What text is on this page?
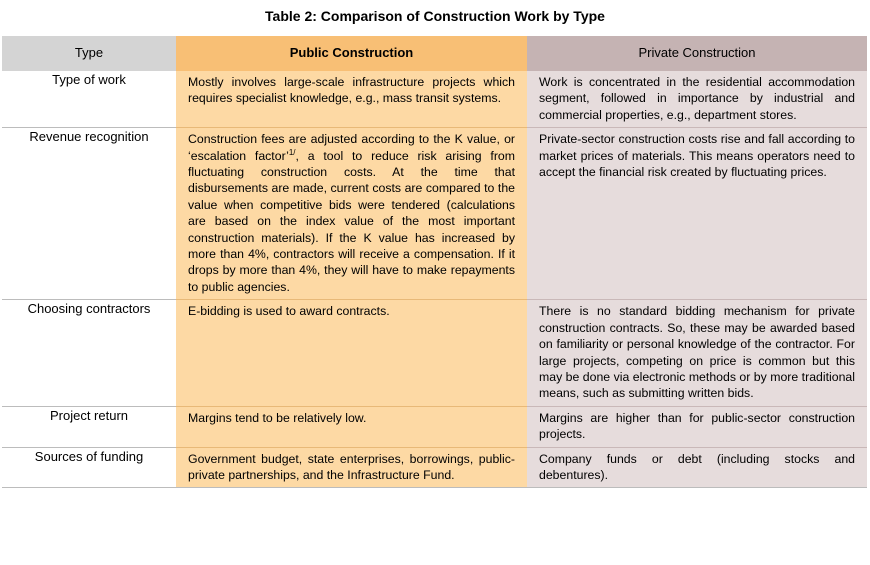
Table 2: Comparison of Construction Work by Type
Type	Public Construction	Private Construction
Type of work	Mostly involves large-scale infrastructure projects which requires specialist knowledge, e.g., mass transit systems.	Work is concentrated in the residential accommodation segment, followed in importance by industrial and commercial properties, e.g., department stores.
Revenue recognition	Construction fees are adjusted according to the K value, or ‘escalation factor’$^{1/}$, a tool to reduce risk arising from fluctuating construction costs. At the time that disbursements are made, current costs are compared to the value when competitive bids were tendered (calculations are based on the index value of the most important construction materials). If the K value has increased by more than 4%, contractors will receive a compensation. If it drops by more than 4%, they will have to make repayments to public agencies.	Private-sector construction costs rise and fall according to market prices of materials. This means operators need to accept the financial risk created by fluctuating prices.
Choosing contractors	E-bidding is used to award contracts.	There is no standard bidding mechanism for private construction contracts. So, these may be awarded based on familiarity or personal knowledge of the contractor. For large projects, competing on price is common but this may be done via electronic methods or by more traditional means, such as submitting written bids.
Project return	Margins tend to be relatively low.	Margins are higher than for public-sector construction projects.
Sources of funding	Government budget, state enterprises, borrowings, public-private partnerships, and the Infrastructure Fund.	Company funds or debt (including stocks and debentures).
